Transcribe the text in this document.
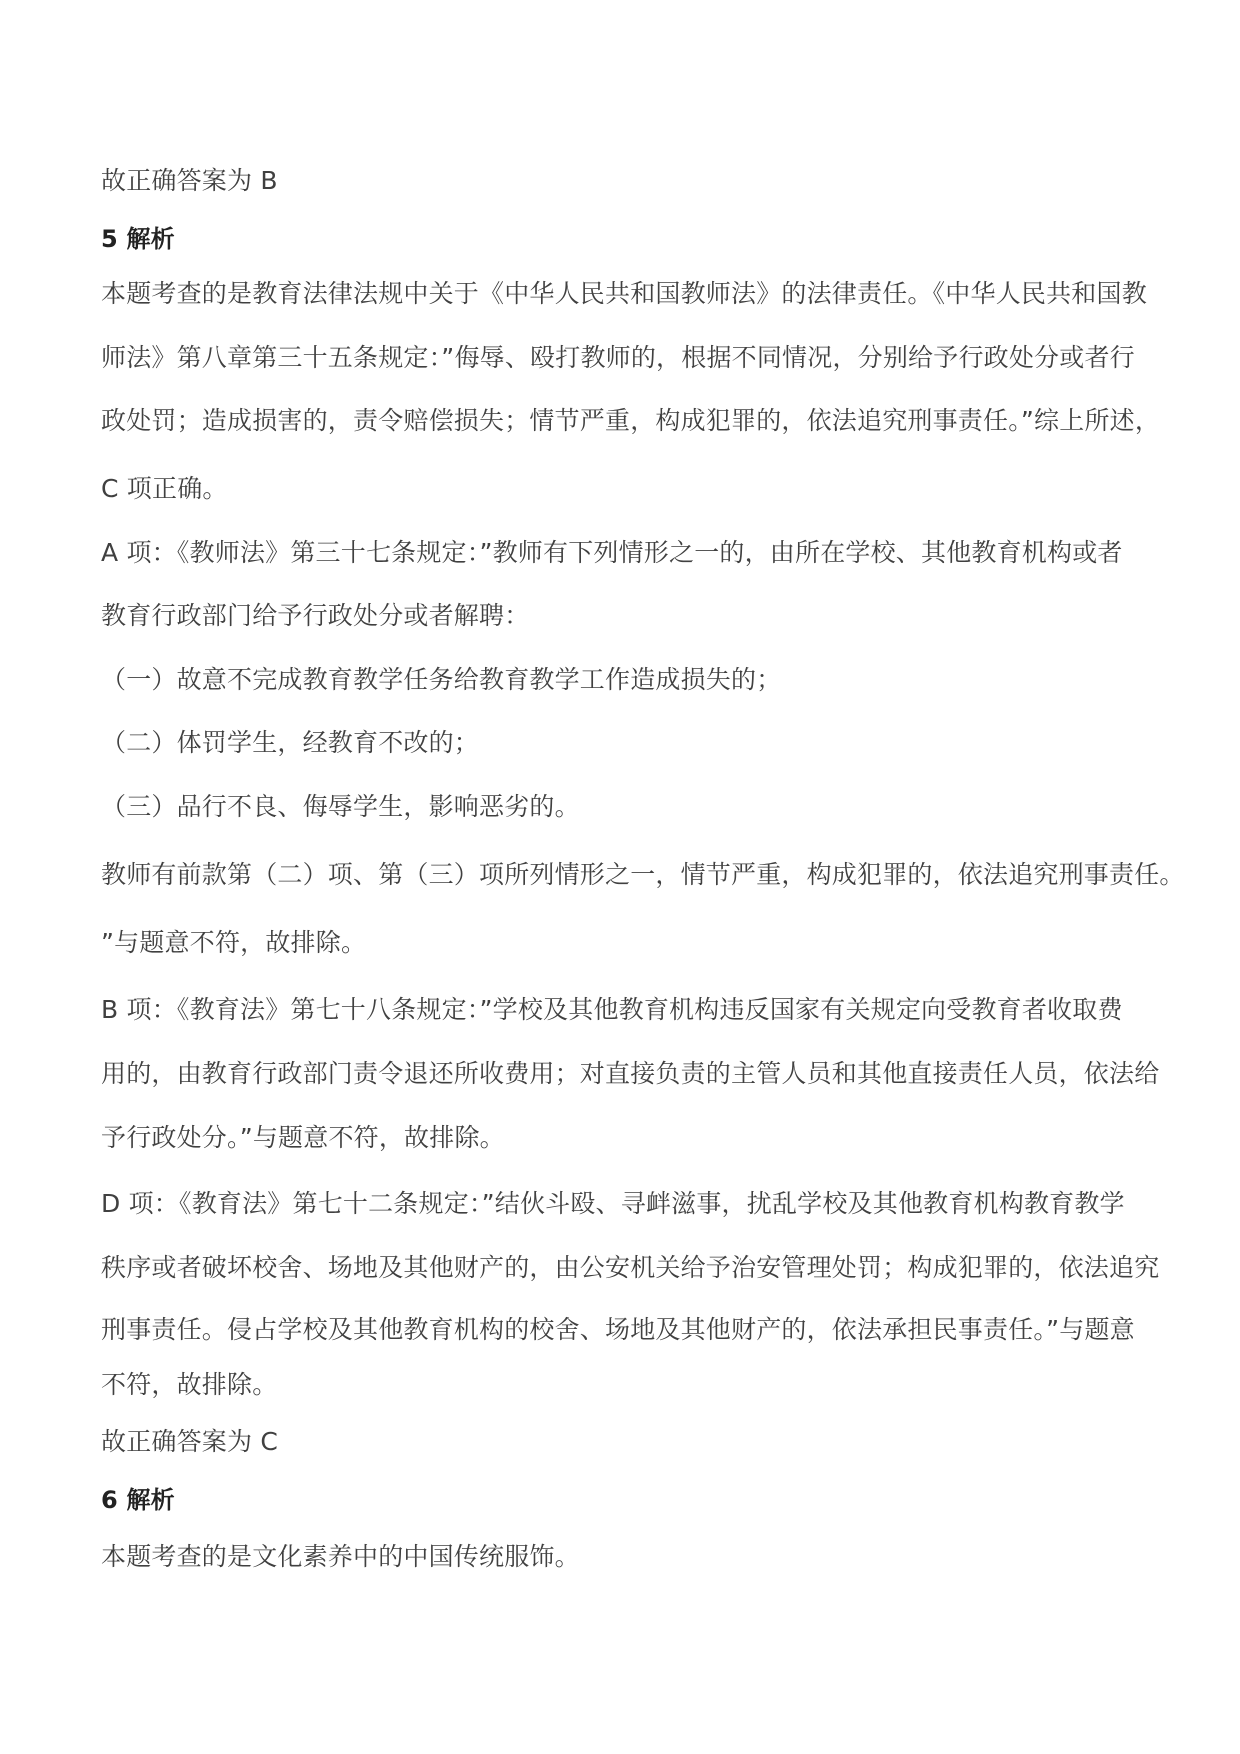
故正确答案为 B
5 解析
本题考查的是教育法律法规中关于《中华人民共和国教师法》的法律责任。《中华人民共和国教
师法》第八章第三十五条规定：”侮辱、殴打教师的，根据不同情况，分别给予行政处分或者行
政处罚；造成损害的，责令赔偿损失；情节严重，构成犯罪的，依法追究刑事责任。”综上所述，
C 项正确。
A 项：《教师法》第三十七条规定：”教师有下列情形之一的，由所在学校、其他教育机构或者
教育行政部门给予行政处分或者解聘：
（一）故意不完成教育教学任务给教育教学工作造成损失的；
（二）体罚学生，经教育不改的；
（三）品行不良、侮辱学生，影响恶劣的。
教师有前款第（二）项、第（三）项所列情形之一，情节严重，构成犯罪的，依法追究刑事责任。
”与题意不符，故排除。
B 项：《教育法》第七十八条规定：”学校及其他教育机构违反国家有关规定向受教育者收取费
用的，由教育行政部门责令退还所收费用；对直接负责的主管人员和其他直接责任人员，依法给
予行政处分。”与题意不符，故排除。
D 项：《教育法》第七十二条规定：”结伙斗殴、寻衅滋事，扰乱学校及其他教育机构教育教学
秩序或者破坏校舍、场地及其他财产的，由公安机关给予治安管理处罚；构成犯罪的，依法追究
刑事责任。侵占学校及其他教育机构的校舍、场地及其他财产的，依法承担民事责任。”与题意
不符，故排除。
故正确答案为 C
6 解析
本题考查的是文化素养中的中国传统服饰。
